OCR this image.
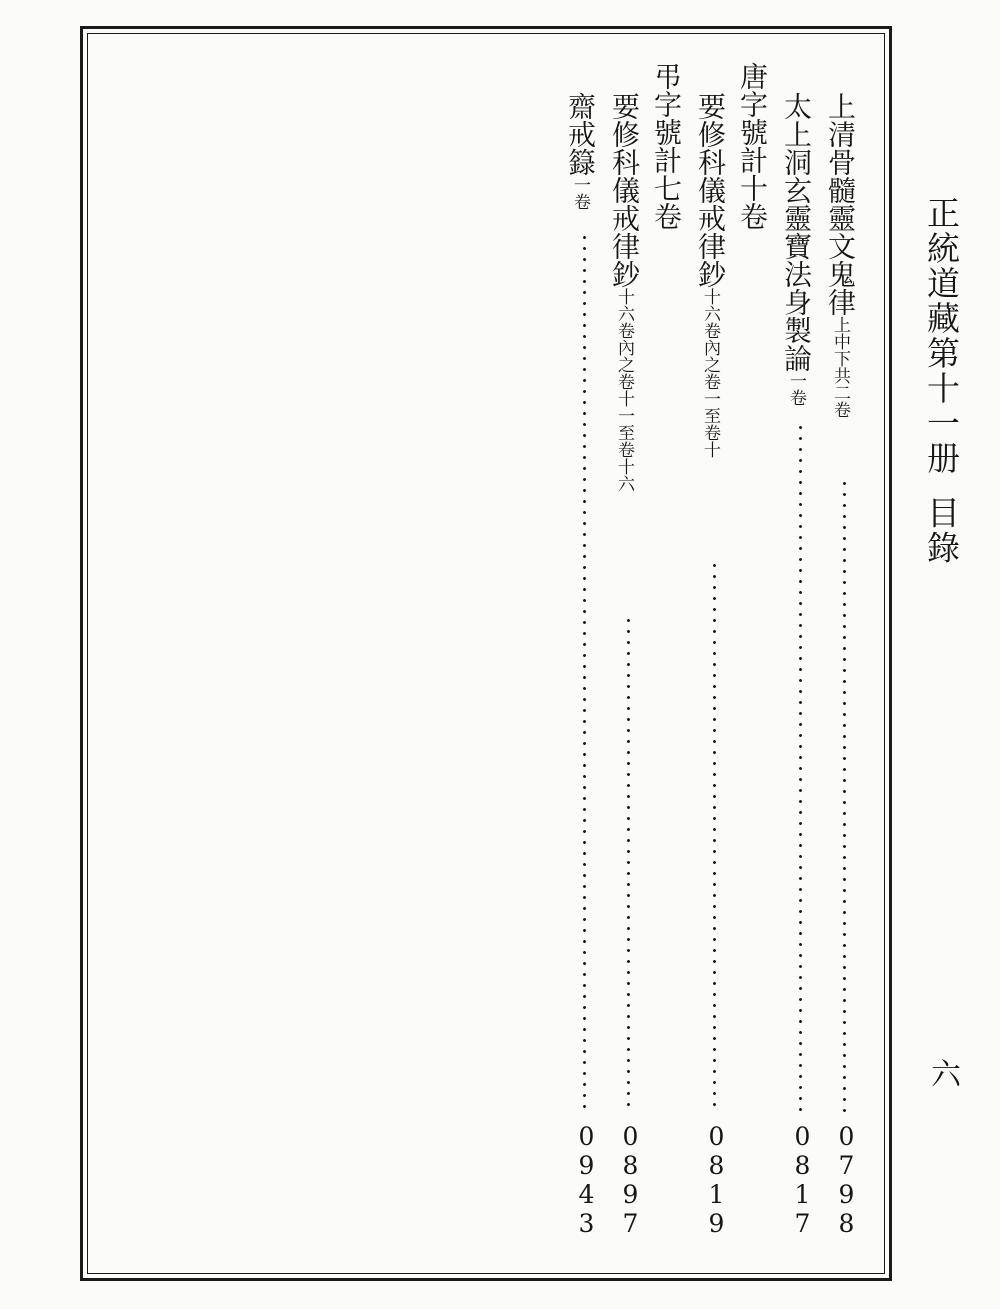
正統道藏第十一册目錄
六
上清骨髓靈文鬼律上中下共二卷
0798
太上洞玄靈寶法身製論一卷
0817
唐字號計十卷
要修科儀戒律鈔十六卷內之卷一至卷十
0819
弔字號計七卷
要修科儀戒律鈔十六卷內之卷十一至卷十六
0897
齋戒籙一卷
0943
